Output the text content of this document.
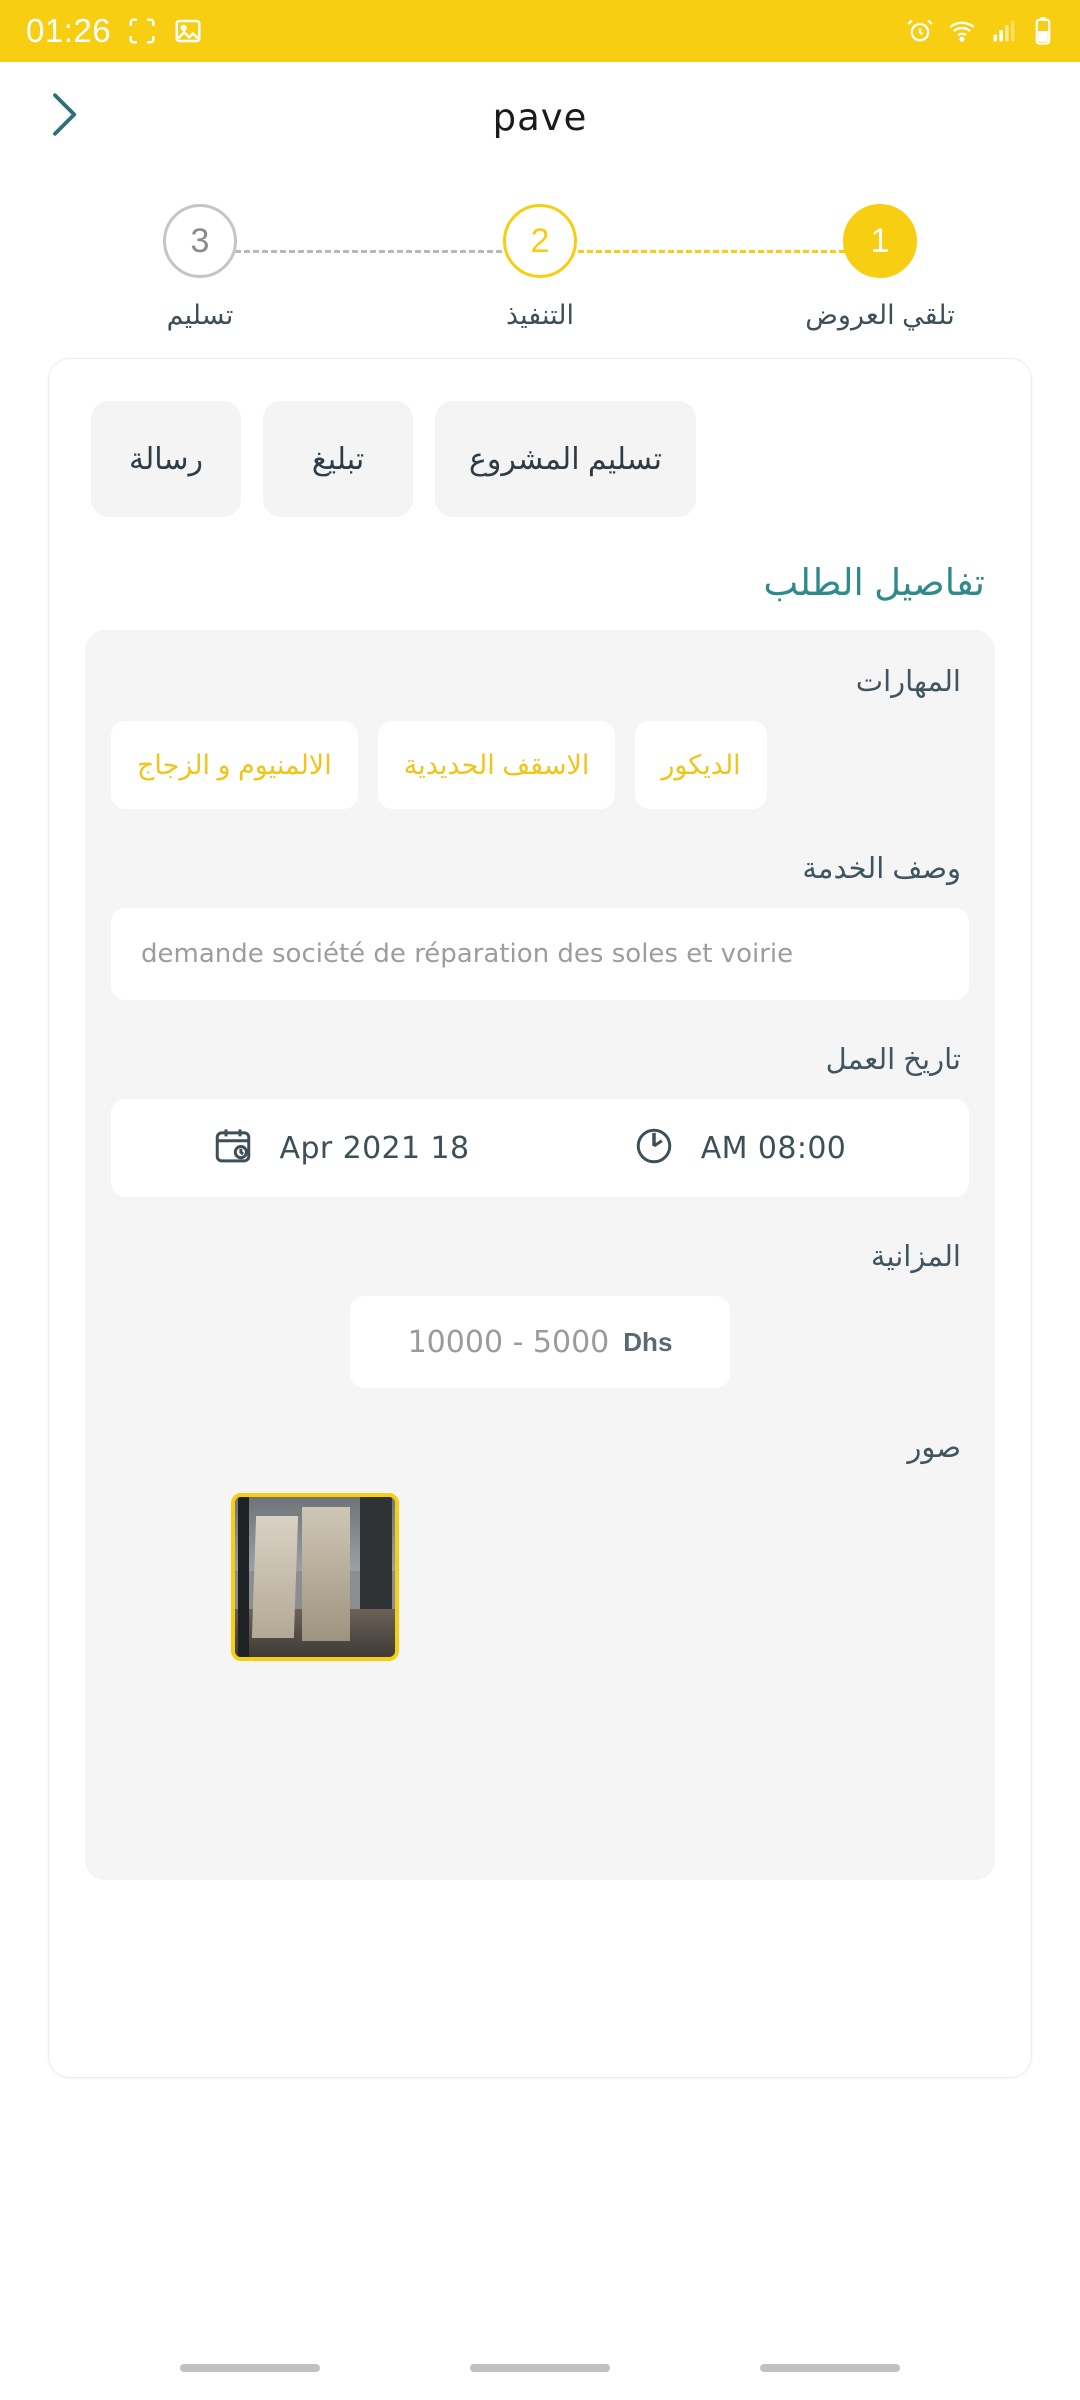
01:26
pave
3
تسليم
2
التنفيذ
1
تلقي العروض
رسالة	تبليغ	تسليم المشروع
تفاصيل الطلب
المهارات
الالمنيوم و الزجاج	الاسقف الحديدية	الديكور
وصف الخدمة
demande société de réparation des soles et voirie
تاريخ العمل
18 Apr 2021	08:00 AM
المزانية
10000 - 5000 Dhs
صور
